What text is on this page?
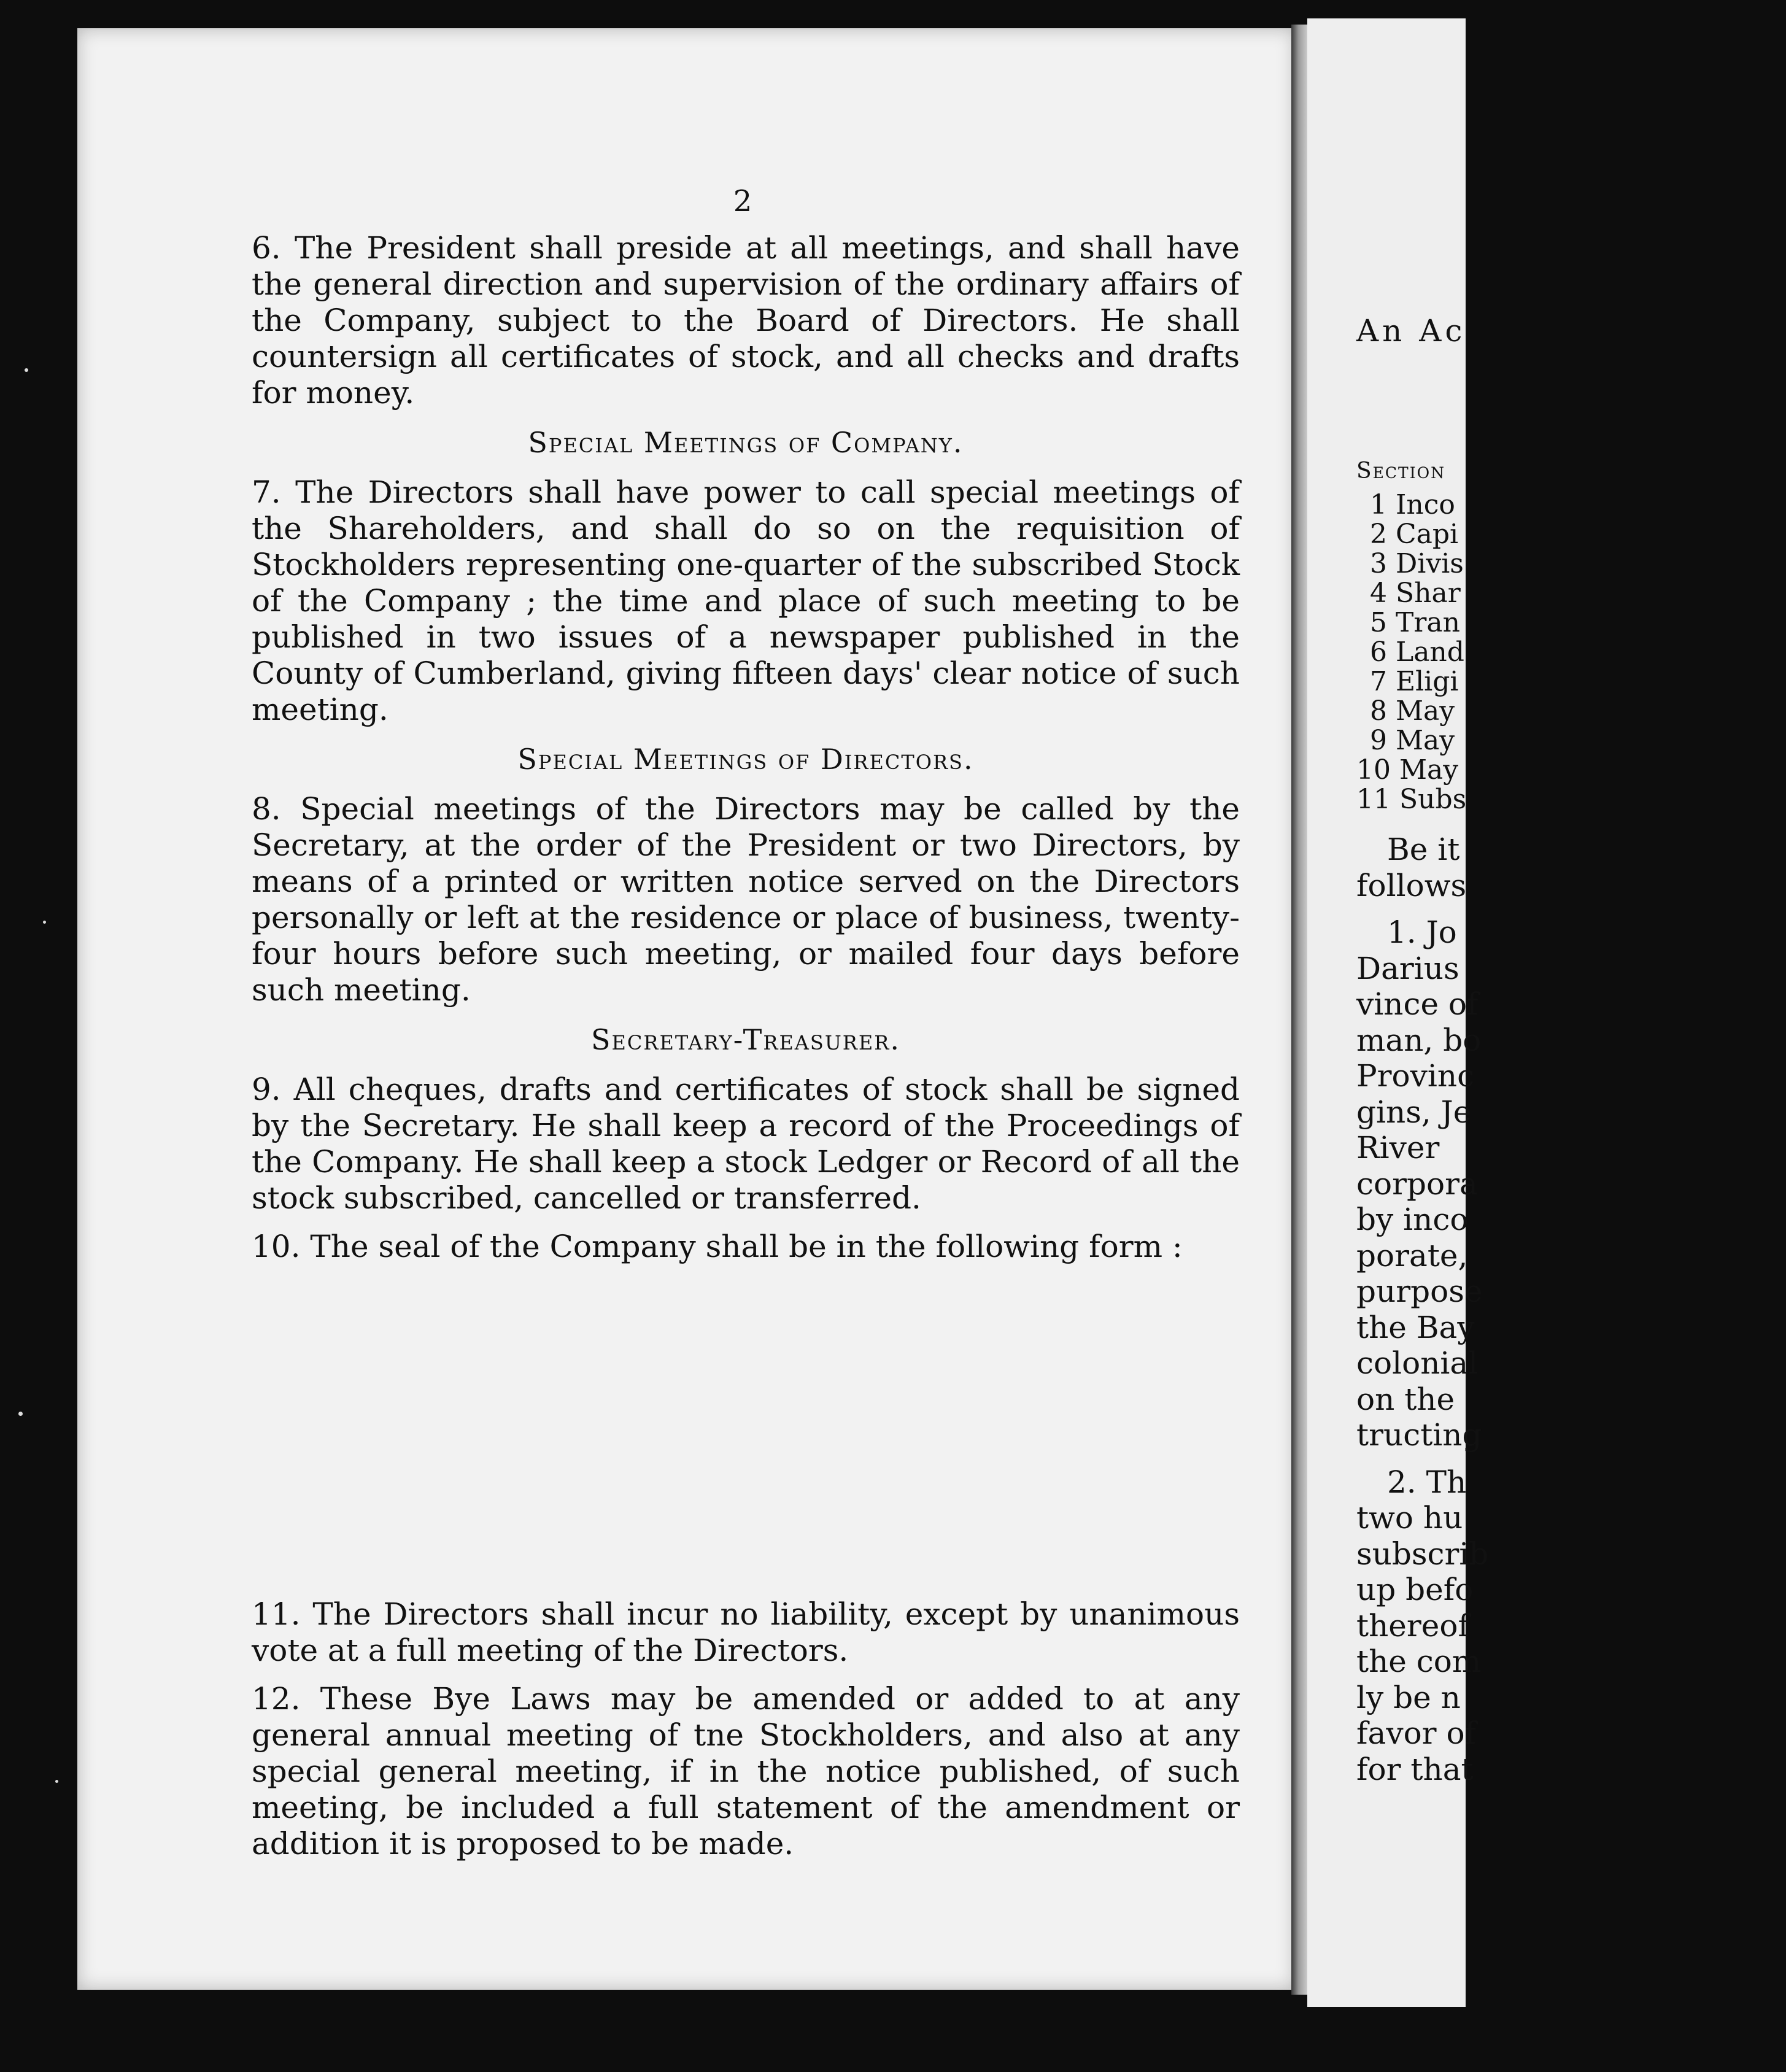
An Ac
Section
1 Inco
2 Capi
3 Divis
4 Shar
5 Tran
6 Land
7 Eligi
8 May
9 May
10 May
11 Subs
Be it
follows
1. Jo
Darius
vince of
man, bo
Provinc
gins, Je
River
corpora
by inco
porate,
purpose
the Bay
colonial
on the
tructing
2. Th
two hu
subscrib
up befo
thereof
the com
ly be n
favor of
for that
2

6. The President shall preside at all meetings, and shall have the general direction and supervision of the ordinary affairs of the Company, subject to the Board of Directors. He shall countersign all certificates of stock, and all checks and drafts for money.

Special Meetings of Company.

7. The Directors shall have power to call special meetings of the Shareholders, and shall do so on the requisition of Stockholders representing one-quarter of the subscribed Stock of the Company ; the time and place of such meeting to be published in two issues of a newspaper published in the County of Cumberland, giving fifteen days' clear notice of such meeting.

Special Meetings of Directors.

8. Special meetings of the Directors may be called by the Secretary, at the order of the President or two Directors, by means of a printed or written notice served on the Directors personally or left at the residence or place of business, twenty-four hours before such meeting, or mailed four days before such meeting.

Secretary-Treasurer.

9. All cheques, drafts and certificates of stock shall be signed by the Secretary. He shall keep a record of the Proceedings of the Company. He shall keep a stock Ledger or Record of all the stock subscribed, cancelled or transferred.

10. The seal of the Company shall be in the following form :

11. The Directors shall incur no liability, except by unanimous vote at a full meeting of the Directors.

12. These Bye Laws may be amended or added to at any general annual meeting of tne Stockholders, and also at any special general meeting, if in the notice published, of such meeting, be included a full statement of the amendment or addition it is proposed to be made.
